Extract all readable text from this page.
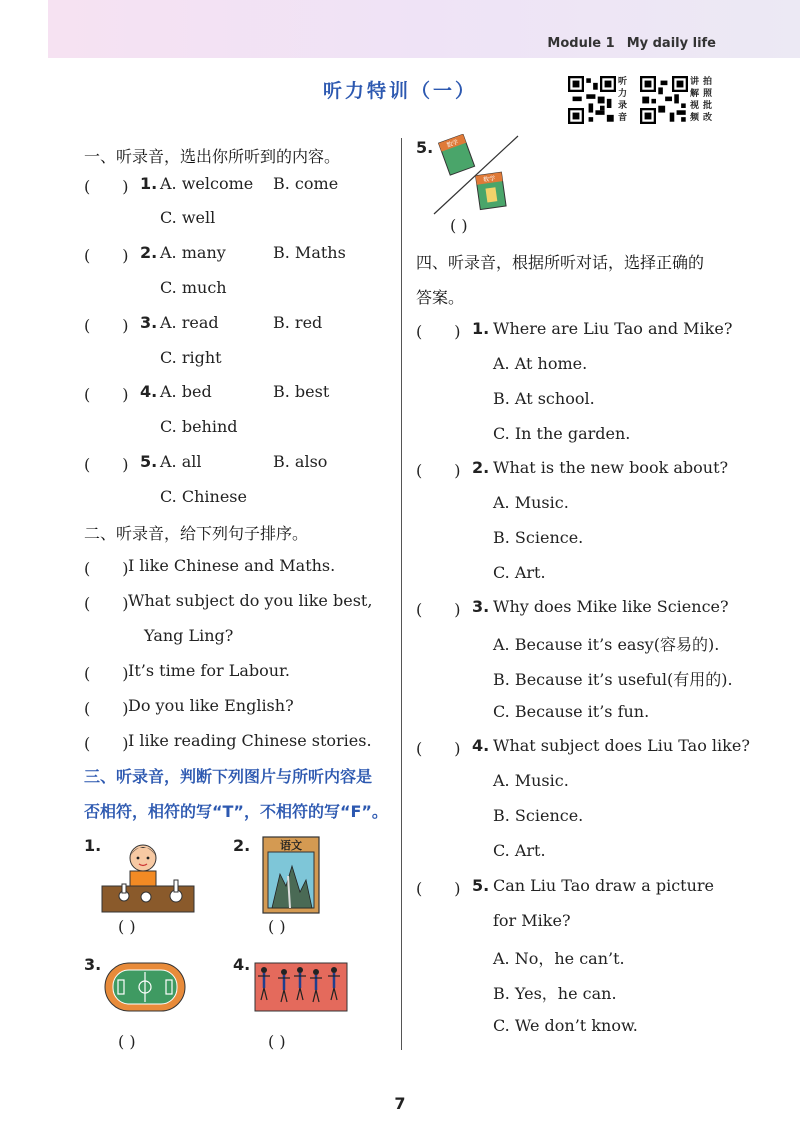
Module 1 My daily life
听力特训（一）	听力录音
讲解视频
拍照批改
一、听录音，选出你所听到的内容。
(　　) 1. A. welcome B. come
C. well
(　　) 2. A. many	B. Maths
C. much
(　　) 3. A. read	B. red
C. right
(　　) 4. A. bed	B. best
C. behind
(　　) 5. A. all	B. also
C. Chinese
二、听录音，给下列句子排序。
(　　) I like Chinese and Maths.
(　　) What subject do you like best,
Yang Ling?
(　　) It’s time for Labour.
(　　) Do you like English?
(　　) I like reading Chinese stories.
三、听录音，判断下列图片与所听内容是
否相符，相符的写“T”，不相符的写“F”。
1.
( )
2.	语文
( )
3.
( )
4.
( )
5. 数学
数学
( )
四、听录音，根据所听对话，选择正确的
答案。
(　　) 1. Where are Liu Tao and Mike?
A. At home.
B. At school.
C. In the garden.
(　　) 2. What is the new book about?
A. Music.
B. Science.
C. Art.
(　　) 3. Why does Mike like Science?
A. Because it’s easy(容易的).
B. Because it’s useful(有用的).
C. Because it’s fun.
(　　) 4. What subject does Liu Tao like?
A. Music.
B. Science.
C. Art.
(　　) 5. Can Liu Tao draw a picture
for Mike?
A. No，he can’t.
B. Yes，he can.
C. We don’t know.
7
